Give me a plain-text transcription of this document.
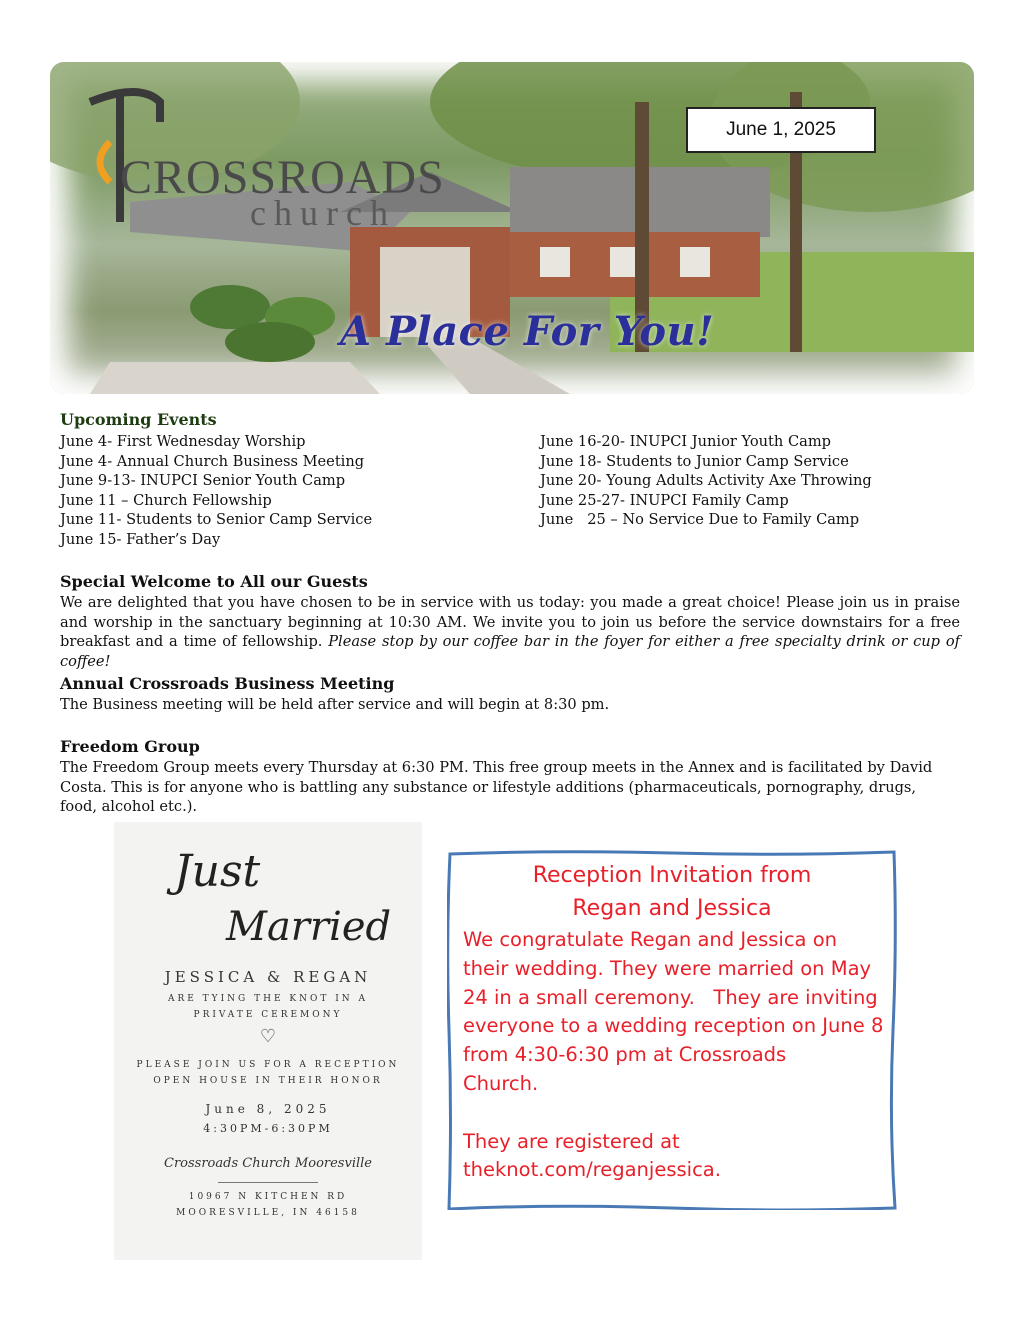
CROSSROADS
church
June 1, 2025
A Place For You!
Upcoming Events
June 4- First Wednesday Worship
June 4- Annual Church Business Meeting
June 9-13- INUPCI Senior Youth Camp
June 11 – Church Fellowship
June 11- Students to Senior Camp Service
June 15- Father’s Day
June 16-20- INUPCI Junior Youth Camp
June 18- Students to Junior Camp Service
June 20- Young Adults Activity Axe Throwing
June 25-27- INUPCI Family Camp
June   25 – No Service Due to Family Camp
Special Welcome to All our Guests
We are delighted that you have chosen to be in service with us today: you made a great choice! Please join us in praise and worship in the sanctuary beginning at 10:30 AM. We invite you to join us before the service downstairs for a free breakfast and a time of fellowship. Please stop by our coffee bar in the foyer for either a free specialty drink or cup of coffee!
Annual Crossroads Business Meeting
The Business meeting will be held after service and will begin at 8:30 pm.
Freedom Group
The Freedom Group meets every Thursday at 6:30 PM. This free group meets in the Annex and is facilitated by David Costa. This is for anyone who is battling any substance or lifestyle additions (pharmaceuticals, pornography, drugs, food, alcohol etc.).
Just
Married
JESSICA & REGAN
ARE TYING THE KNOT IN A
PRIVATE CEREMONY
♡
PLEASE JOIN US FOR A RECEPTION
OPEN HOUSE IN THEIR HONOR
June 8, 2025
4:30PM-6:30PM
Crossroads Church Mooresville
10967 N KITCHEN RD
MOORESVILLE, IN 46158
Reception Invitation from
Regan and Jessica
We congratulate Regan and Jessica on
their wedding. They were married on May
24 in a small ceremony.   They are inviting
everyone to a wedding reception on June 8
from 4:30-6:30 pm at Crossroads
Church.
They are registered at
theknot.com/reganjessica.
